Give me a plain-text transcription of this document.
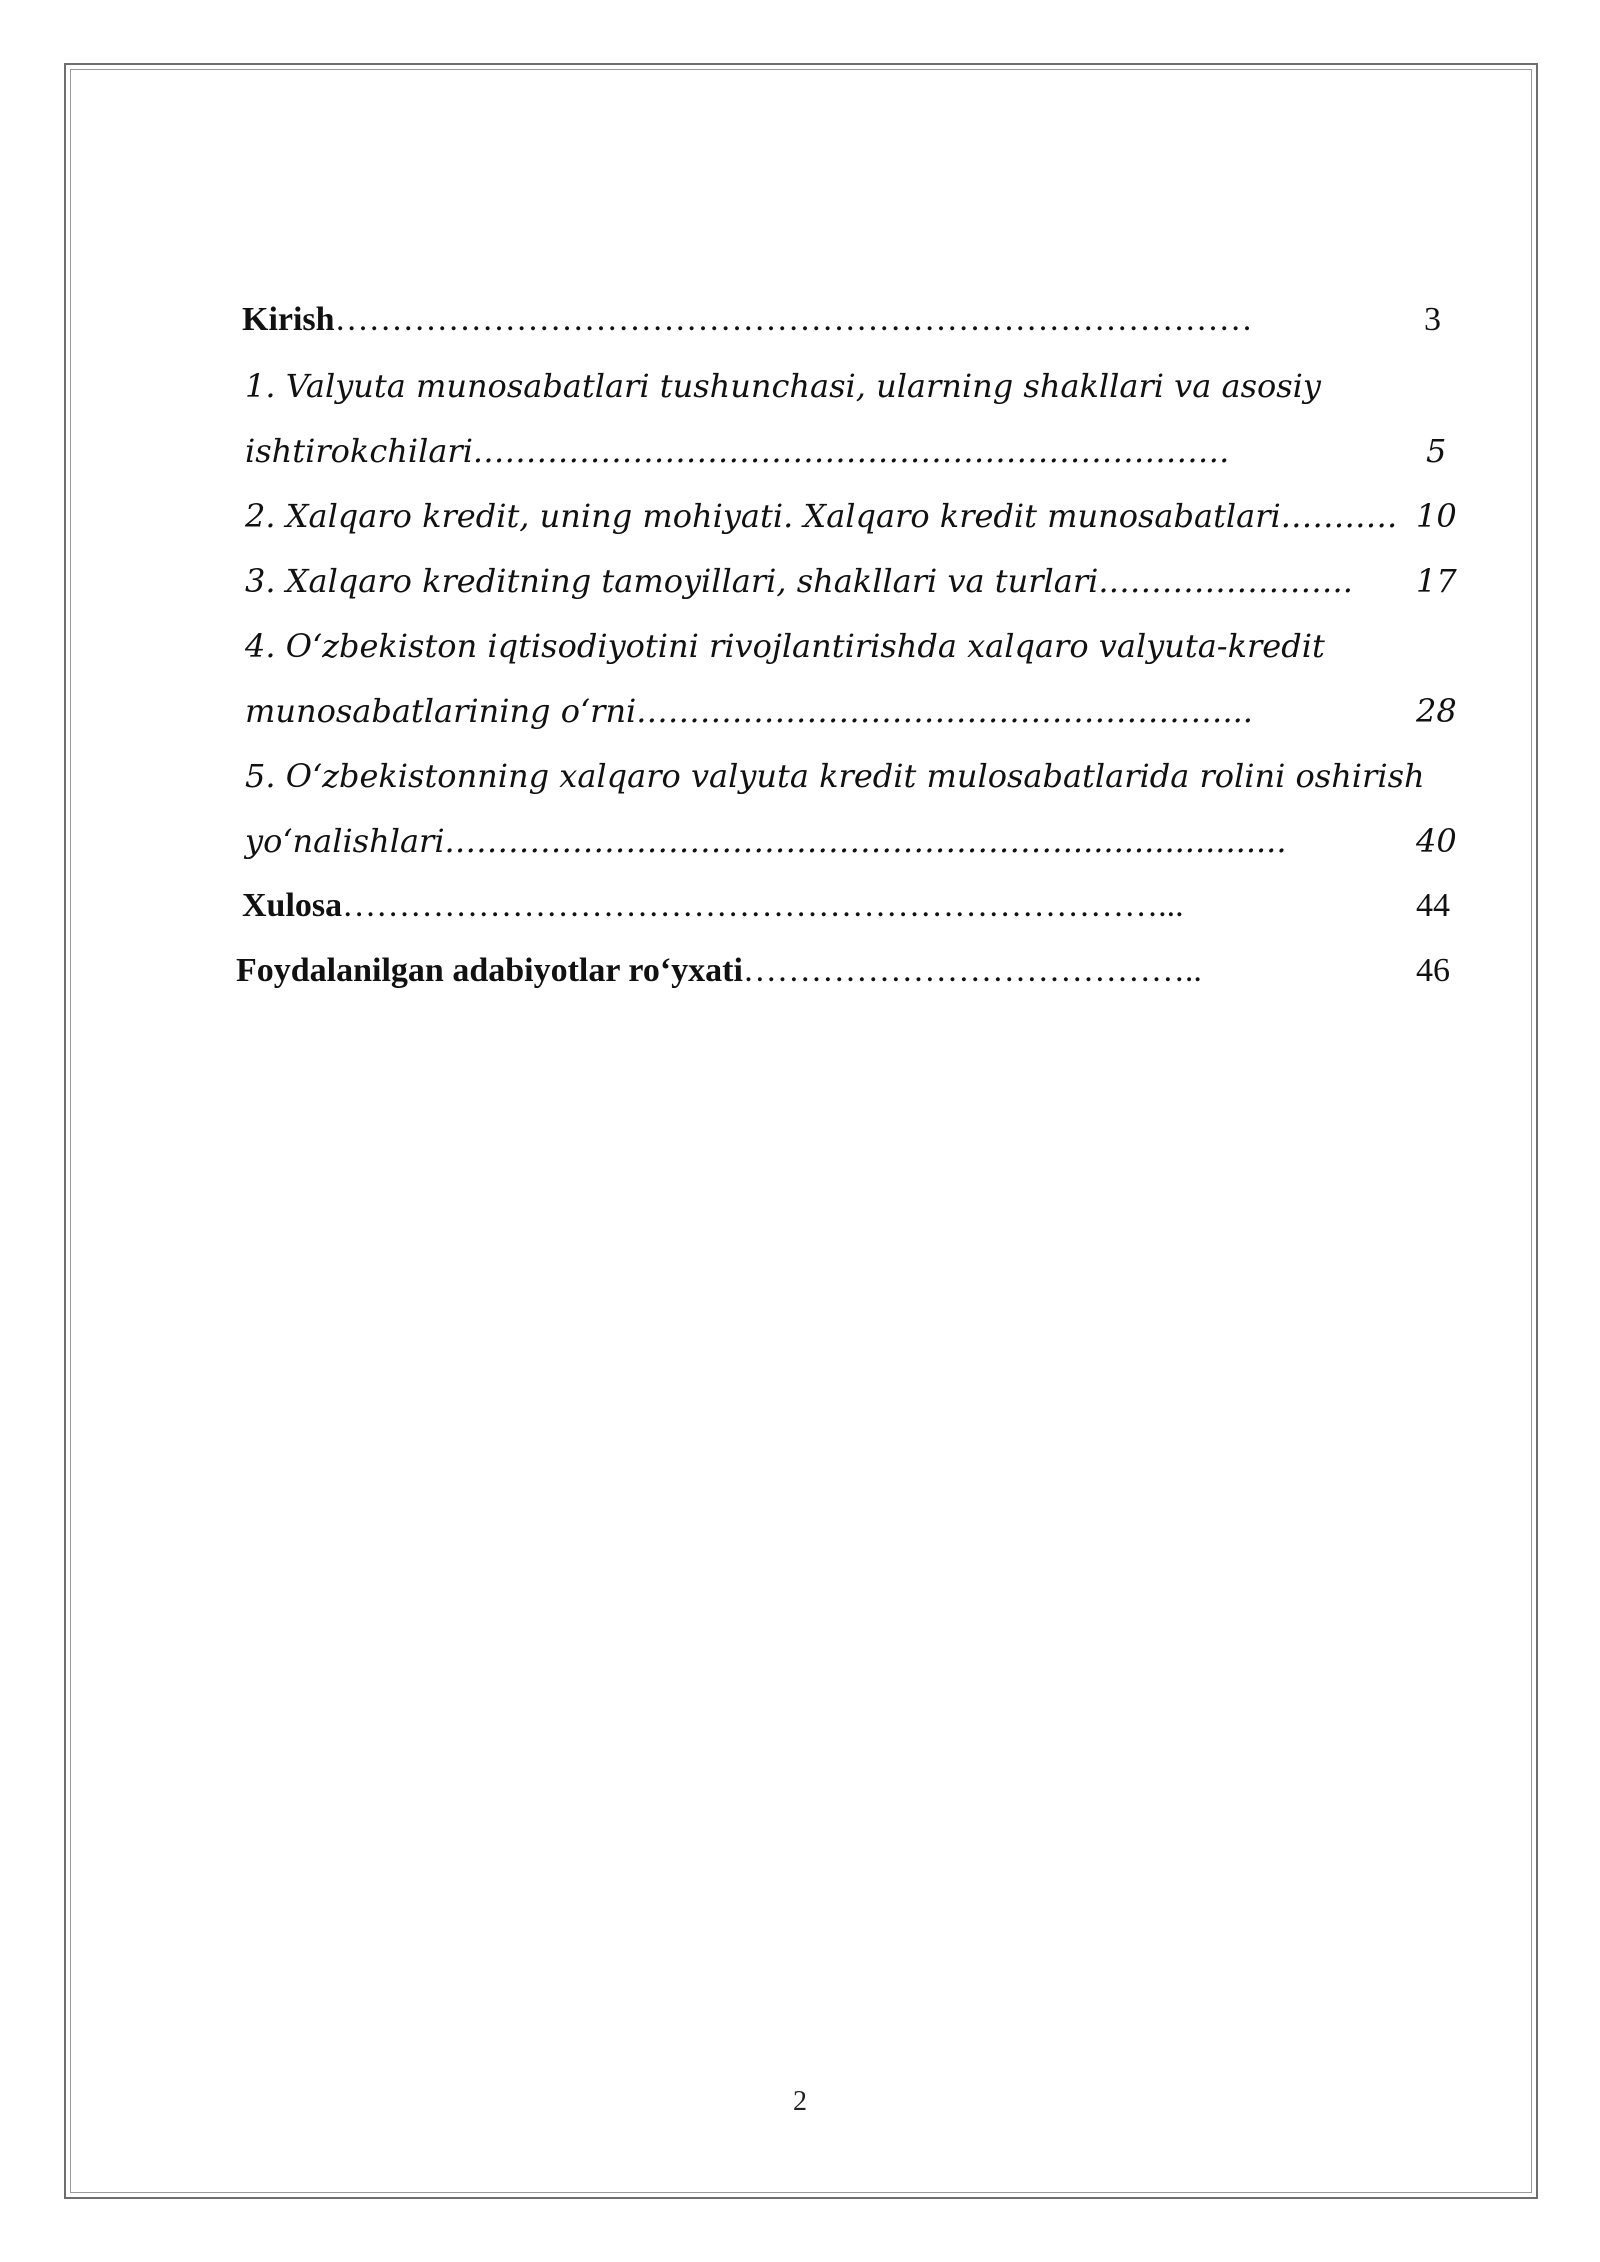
Kirish………………………………………………………………………	3
1. Valyuta munosabatlari tushunchasi, ularning shakllari va asosiy
ishtirokchilari.…………………………………………………………….	5
2. Xalqaro kredit, uning mohiyati. Xalqaro kredit munosabatlari.………. 10
3. Xalqaro kreditning tamoyillari, shakllari va turlari.………………….. 17
4. O‘zbekiston iqtisodiyotini rivojlantirishda xalqaro valyuta-kredit
munosabatlarining o‘rni.………………………………………………...	28
5. O‘zbekistonning xalqaro valyuta kredit mulosabatlarida rolini oshirish
yo‘nalishlari.…………………………………………………......................	40
Xulosa………………………………………………………………...	44
Foydalanilgan adabiyotlar ro‘yxati…………………………………..	46
2
